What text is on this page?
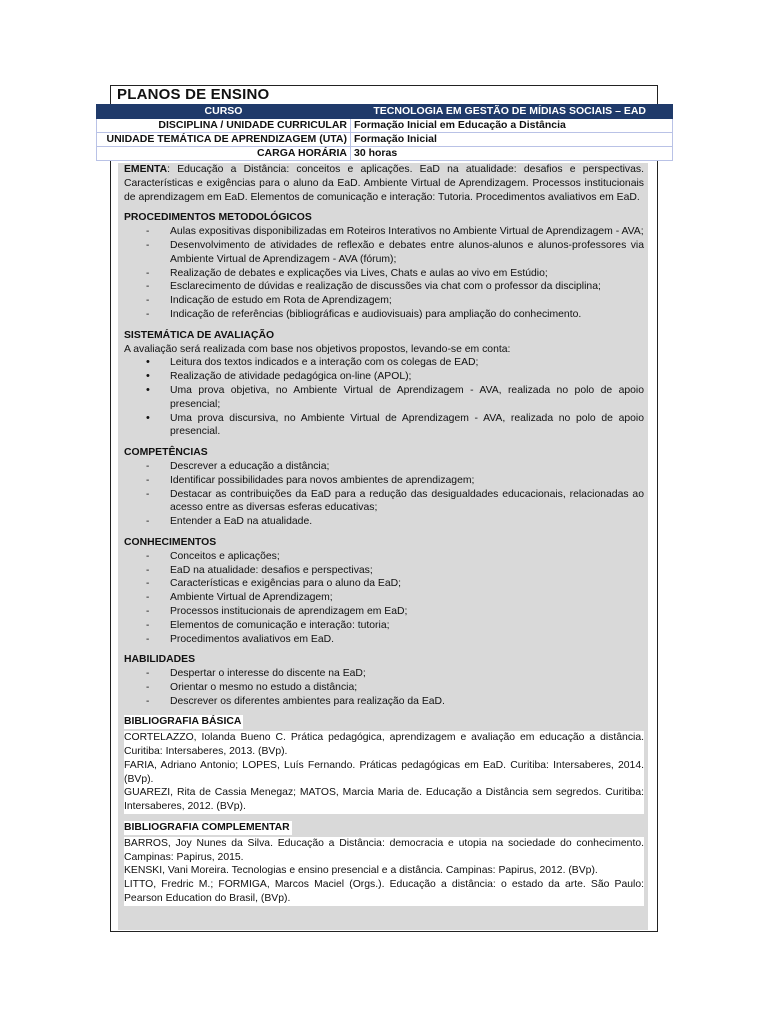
PLANOS DE ENSINO
CURSO	TECNOLOGIA EM GESTÃO DE MÍDIAS SOCIAIS – EAD
DISCIPLINA / UNIDADE CURRICULAR	Formação Inicial em Educação a Distância
UNIDADE TEMÁTICA DE APRENDIZAGEM (UTA)	Formação Inicial
CARGA HORÁRIA	30 horas

EMENTA: Educação a Distância: conceitos e aplicações. EaD na atualidade: desafios e perspectivas. Características e exigências para o aluno da EaD. Ambiente Virtual de Aprendizagem. Processos institucionais de aprendizagem em EaD. Elementos de comunicação e interação: Tutoria. Procedimentos avaliativos em EaD.

PROCEDIMENTOS METODOLÓGICOS

- Aulas expositivas disponibilizadas em Roteiros Interativos no Ambiente Virtual de Aprendizagem - AVA;
- Desenvolvimento de atividades de reflexão e debates entre alunos-alunos e alunos-professores via Ambiente Virtual de Aprendizagem - AVA (fórum);
- Realização de debates e explicações via Lives, Chats e aulas ao vivo em Estúdio;
- Esclarecimento de dúvidas e realização de discussões via chat com o professor da disciplina;
- Indicação de estudo em Rota de Aprendizagem;
- Indicação de referências (bibliográficas e audiovisuais) para ampliação do conhecimento.

SISTEMÁTICA DE AVALIAÇÃO

A avaliação será realizada com base nos objetivos propostos, levando-se em conta:

• Leitura dos textos indicados e a interação com os colegas de EAD;
• Realização de atividade pedagógica on-line (APOL);
• Uma prova objetiva, no Ambiente Virtual de Aprendizagem - AVA, realizada no polo de apoio presencial;
• Uma prova discursiva, no Ambiente Virtual de Aprendizagem - AVA, realizada no polo de apoio presencial.

COMPETÊNCIAS

- Descrever a educação a distância;
- Identificar possibilidades para novos ambientes de aprendizagem;
- Destacar as contribuições da EaD para a redução das desigualdades educacionais, relacionadas ao acesso entre as diversas esferas educativas;
- Entender a EaD na atualidade.

CONHECIMENTOS

- Conceitos e aplicações;
- EaD na atualidade: desafios e perspectivas;
- Características e exigências para o aluno da EaD;
- Ambiente Virtual de Aprendizagem;
- Processos institucionais de aprendizagem em EaD;
- Elementos de comunicação e interação: tutoria;
- Procedimentos avaliativos em EaD.

HABILIDADES

- Despertar o interesse do discente na EaD;
- Orientar o mesmo no estudo a distância;
- Descrever os diferentes ambientes para realização da EaD.
BIBLIOGRAFIA BÁSICA

CORTELAZZO, Iolanda Bueno C. Prática pedagógica, aprendizagem e avaliação em educação a distância. Curitiba: Intersaberes, 2013. (BVp).

FARIA, Adriano Antonio; LOPES, Luís Fernando. Práticas pedagógicas em EaD. Curitiba: Intersaberes, 2014. (BVp).

GUAREZI, Rita de Cassia Menegaz; MATOS, Marcia Maria de. Educação a Distância sem segredos. Curitiba: Intersaberes, 2012. (BVp).

BIBLIOGRAFIA COMPLEMENTAR

BARROS, Joy Nunes da Silva. Educação a Distância: democracia e utopia na sociedade do conhecimento. Campinas: Papirus, 2015.

KENSKI, Vani Moreira. Tecnologias e ensino presencial e a distância. Campinas: Papirus, 2012. (BVp).

LITTO, Fredric M.; FORMIGA, Marcos Maciel (Orgs.). Educação a distância: o estado da arte. São Paulo: Pearson Education do Brasil, (BVp).
